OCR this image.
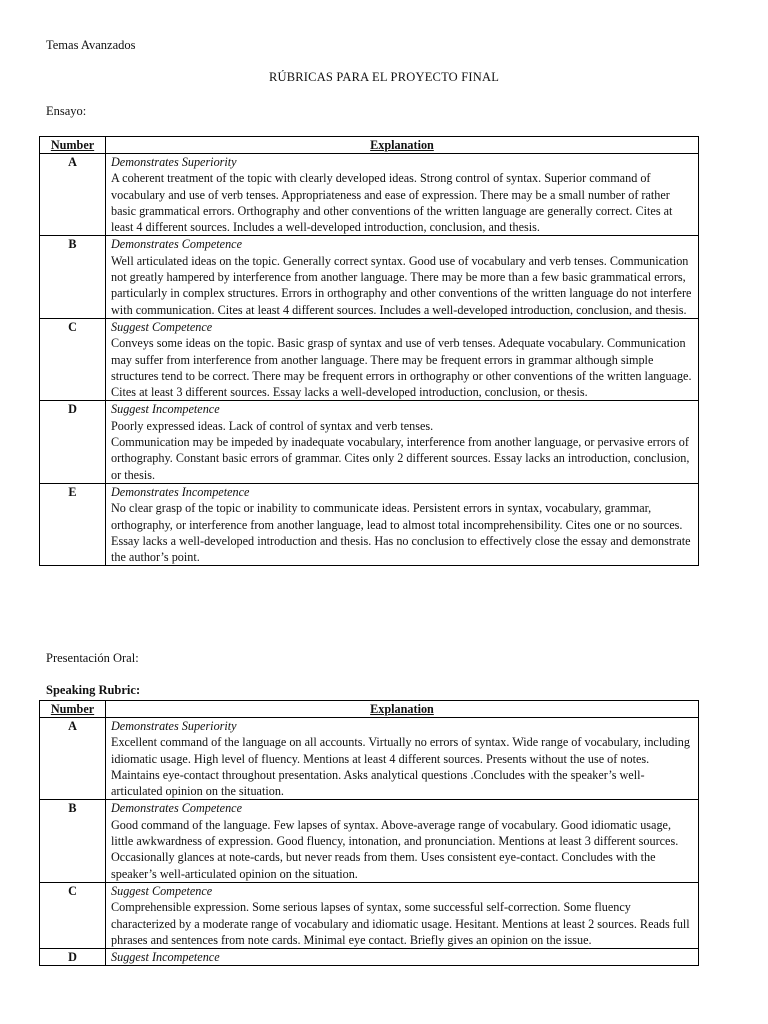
Temas Avanzados
RÚBRICAS PARA EL PROYECTO FINAL
Ensayo:
Number	Explanation
A	Demonstrates Superiority
A coherent treatment of the topic with clearly developed ideas. Strong control of syntax. Superior command of vocabulary and use of verb tenses. Appropriateness and ease of expression. There may be a small number of rather basic grammatical errors. Orthography and other conventions of the written language are generally correct. Cites at least 4 different sources. Includes a well-developed introduction, conclusion, and thesis.

B	Demonstrates Competence
Well articulated ideas on the topic. Generally correct syntax. Good use of vocabulary and verb tenses. Communication not greatly hampered by interference from another language. There may be more than a few basic grammatical errors, particularly in complex structures. Errors in orthography and other conventions of the written language do not interfere with communication. Cites at least 4 different sources. Includes a well-developed introduction, conclusion, and thesis.

C	Suggest Competence
Conveys some ideas on the topic. Basic grasp of syntax and use of verb tenses. Adequate vocabulary. Communication may suffer from interference from another language. There may be frequent errors in grammar although simple structures tend to be correct. There may be frequent errors in orthography or other conventions of the written language. Cites at least 3 different sources. Essay lacks a well-developed introduction, conclusion, or thesis.

D	Suggest Incompetence
Poorly expressed ideas. Lack of control of syntax and verb tenses.
Communication may be impeded by inadequate vocabulary, interference from another language, or pervasive errors of orthography. Constant basic errors of grammar. Cites only 2 different sources. Essay lacks an introduction, conclusion, or thesis.

E	Demonstrates Incompetence
No clear grasp of the topic or inability to communicate ideas. Persistent errors in syntax, vocabulary, grammar, orthography, or interference from another language, lead to almost total incomprehensibility. Cites one or no sources. Essay lacks a well-developed introduction and thesis. Has no conclusion to effectively close the essay and demonstrate the author’s point.
Presentación Oral:
Speaking Rubric:
Number	Explanation
A	Demonstrates Superiority
Excellent command of the language on all accounts. Virtually no errors of syntax. Wide range of vocabulary, including idiomatic usage. High level of fluency. Mentions at least 4 different sources. Presents without the use of notes. Maintains eye-contact throughout presentation. Asks analytical questions .Concludes with the speaker’s well-articulated opinion on the situation.

B	Demonstrates Competence
Good command of the language. Few lapses of syntax. Above-average range of vocabulary. Good idiomatic usage, little awkwardness of expression. Good fluency, intonation, and pronunciation. Mentions at least 3 different sources. Occasionally glances at note-cards, but never reads from them. Uses consistent eye-contact. Concludes with the speaker’s well-articulated opinion on the situation.

C	Suggest Competence
Comprehensible expression. Some serious lapses of syntax, some successful self-correction. Some fluency characterized by a moderate range of vocabulary and idiomatic usage. Hesitant. Mentions at least 2 sources. Reads full phrases and sentences from note cards. Minimal eye contact. Briefly gives an opinion on the issue.

D	Suggest Incompetence
